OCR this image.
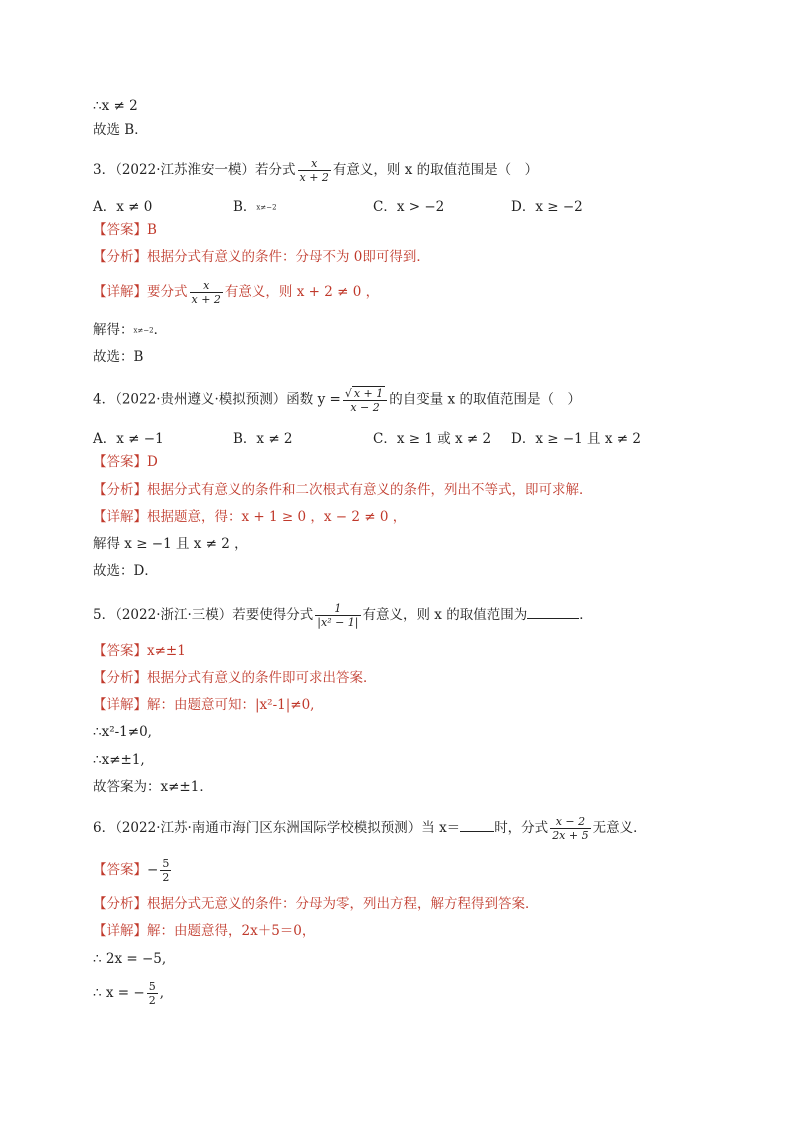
∴x ≠ 2
故选 B．
3．（2022·江苏淮安一模）若分式 $\frac{x}{x + 2}$ 有意义，则 x 的取值范围是（　）
A．x ≠ 0	B．x≠−2	C．x > −2	D．x ≥ −2
【答案】B
【分析】根据分式有意义的条件：分母不为 0即可得到．
【详解】要分式 $\frac{x}{x + 2}$ 有意义，则 x + 2 ≠ 0 ，
解得：x≠−2．
故选：B
4．（2022·贵州遵义·模拟预测）函数 $y = \frac{√ x + 1}{x - 2}$ 的自变量 x 的取值范围是（　）
A．x ≠ −1	B．x ≠ 2	C．x ≥ 1 或 x ≠ 2 D．x ≥ −1 且 x ≠ 2
【答案】D
【分析】根据分式有意义的条件和二次根式有意义的条件，列出不等式，即可求解．
【详解】根据题意，得：x + 1 ≥ 0 ，x − 2 ≠ 0 ，
解得 x ≥ −1 且 x ≠ 2 ，
故选：D．
5．（2022·浙江·三模）若要使得分式 $\frac{1}{\text{|x² − 1|}}$ 有意义，则 x 的取值范围为	．
【答案】x≠±1
【分析】根据分式有意义的条件即可求出答案．
【详解】解：由题意可知：|x²-1|≠0,
∴x²-1≠0,
∴x≠±1,
故答案为：x≠±1．
6．（2022·江苏·南通市海门区东洲国际学校模拟预测）当 x＝	时，分式 $\frac{x - 2}{2x + 5}$ 无意义．
【答案】− $\frac{5}{2}$
【分析】根据分式无意义的条件：分母为零，列出方程，解方程得到答案．
【详解】解：由题意得，2x＋5＝0，
∴ 2x = −5,
∴ x = − $\frac{5}{2}$ ,
